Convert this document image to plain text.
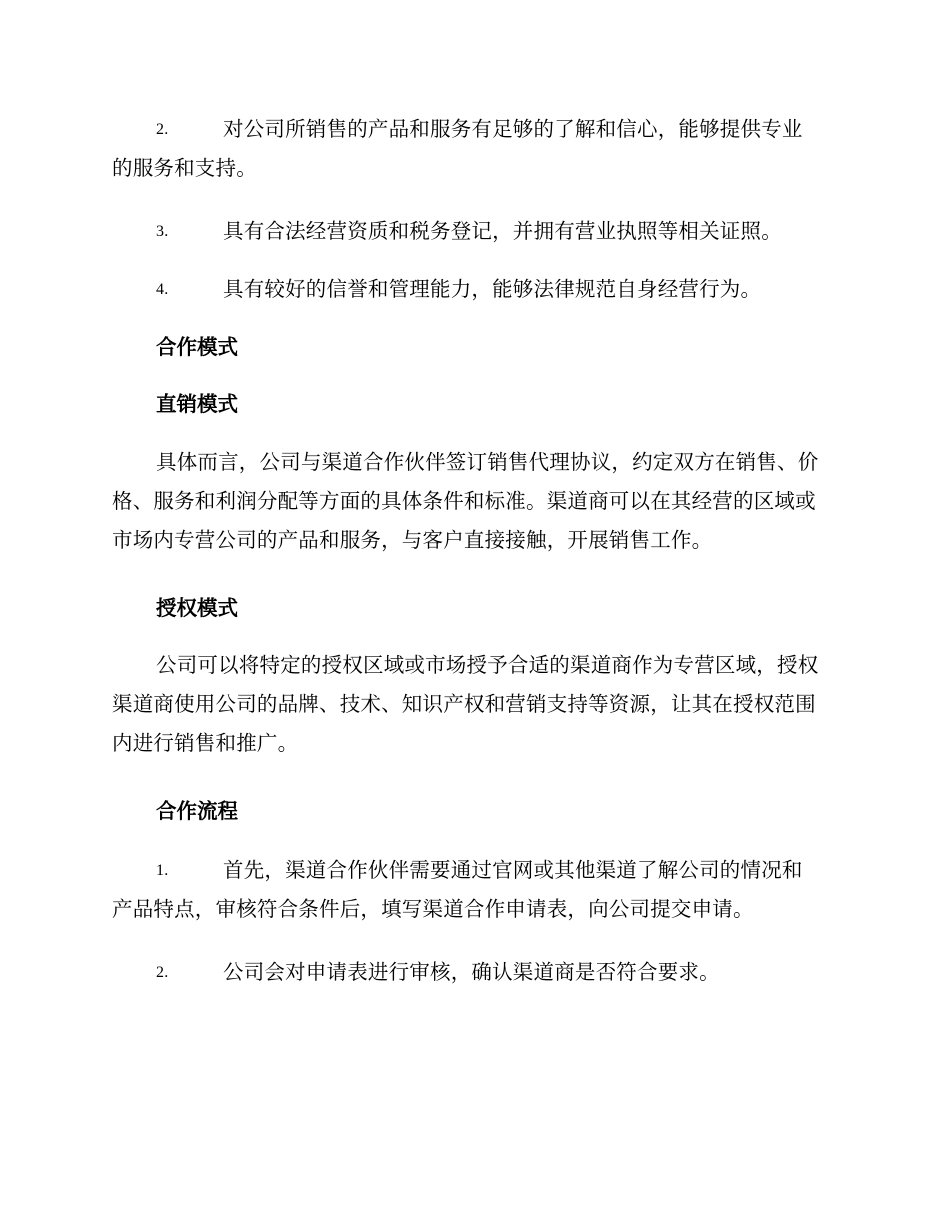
2.	对公司所销售的产品和服务有足够的了解和信心，能够提供专业
的服务和支持。
3.	具有合法经营资质和税务登记，并拥有营业执照等相关证照。
4.	具有较好的信誉和管理能力，能够法律规范自身经营行为。
合作模式
直销模式
具体而言，公司与渠道合作伙伴签订销售代理协议，约定双方在销售、价格、服务和利润分配等方面的具体条件和标准。渠道商可以在其经营的区域或市场内专营公司的产品和服务，与客户直接接触，开展销售工作。
授权模式
公司可以将特定的授权区域或市场授予合适的渠道商作为专营区域，授权渠道商使用公司的品牌、技术、知识产权和营销支持等资源，让其在授权范围内进行销售和推广。
合作流程
1.	首先，渠道合作伙伴需要通过官网或其他渠道了解公司的情况和
产品特点，审核符合条件后，填写渠道合作申请表，向公司提交申请。
2.	公司会对申请表进行审核，确认渠道商是否符合要求。
